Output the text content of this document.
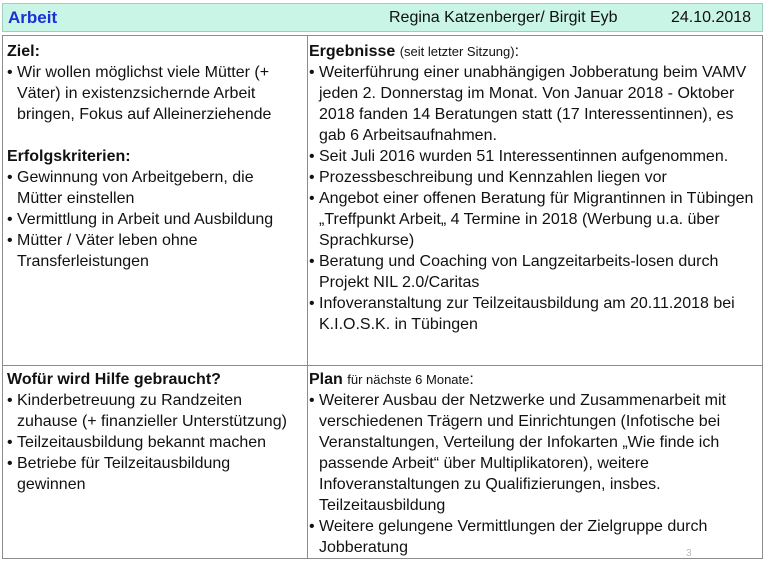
Arbeit	Regina Katzenberger/ Birgit Eyb	24.10.2018
Ziel:
• Wir wollen möglichst viele Mütter (+ Väter) in existenzsichernde Arbeit bringen, Fokus auf Alleinerziehende
Erfolgskriterien:
• Gewinnung von Arbeitgebern, die Mütter einstellen
• Vermittlung in Arbeit und Ausbildung
• Mütter / Väter leben ohne Transferleistungen
Ergebnisse (seit letzter Sitzung):
• Weiterführung einer unabhängigen Jobberatung beim VAMV jeden 2. Donnerstag im Monat. Von Januar 2018 - Oktober 2018 fanden 14 Beratungen statt (17 Interessentinnen), es gab 6 Arbeitsaufnahmen.
• Seit Juli 2016 wurden 51 Interessentinnen aufgenommen.
• Prozessbeschreibung und Kennzahlen liegen vor
• Angebot einer offenen Beratung für Migrantinnen in Tübingen „Treffpunkt Arbeit„ 4 Termine in 2018 (Werbung u.a. über Sprachkurse)
• Beratung und Coaching von Langzeitarbeits-losen durch Projekt NIL 2.0/Caritas
• Infoveranstaltung zur Teilzeitausbildung am 20.11.2018 bei K.I.O.S.K. in Tübingen
Wofür wird Hilfe gebraucht?
• Kinderbetreuung zu Randzeiten zuhause (+ finanzieller Unterstützung)
• Teilzeitausbildung bekannt machen
• Betriebe für Teilzeitausbildung gewinnen
Plan für nächste 6 Monate:
• Weiterer Ausbau der Netzwerke und Zusammenarbeit mit verschiedenen Trägern und Einrichtungen (Infotische bei Veranstaltungen, Verteilung der Infokarten „Wie finde ich passende Arbeit“ über Multiplikatoren), weitere Infoveranstaltungen zu Qualifizierungen, insbes. Teilzeitausbildung
• Weitere gelungene Vermittlungen der Zielgruppe durch Jobberatung	3
